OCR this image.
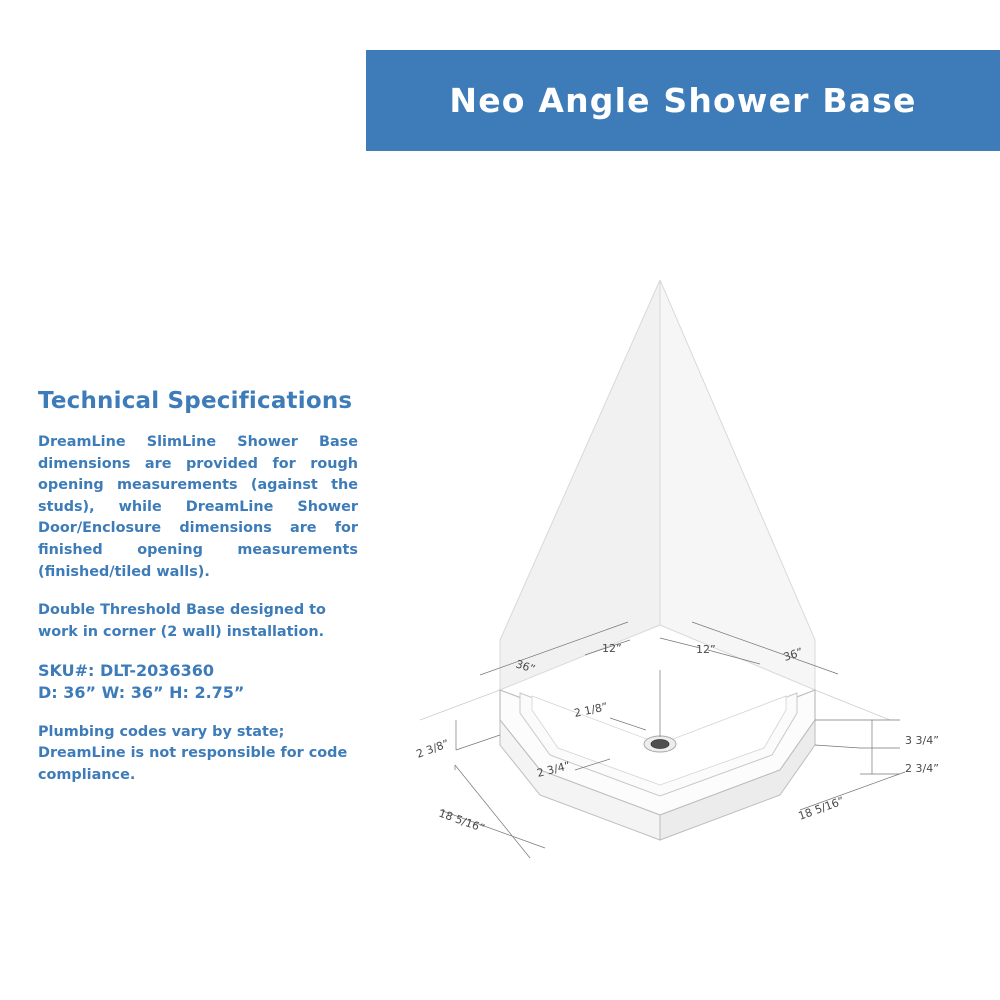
Neo Angle Shower Base
Technical Specifications
DreamLine SlimLine Shower Base dimensions are provided for rough opening measurements (against the studs), while DreamLine Shower Door/Enclosure dimensions are for finished opening measurements (finished/tiled walls).
Double Threshold Base designed to work in corner (2 wall) installation.
SKU#: DLT-2036360
D: 36” W: 36” H: 2.75”
Plumbing codes vary by state; DreamLine is not responsible for code compliance.
36”
36”
12”	12”
2 1/8”
2 3/8”
2 3/4”
18 5/16”	18 5/16”
3 3/4”
2 3/4”
